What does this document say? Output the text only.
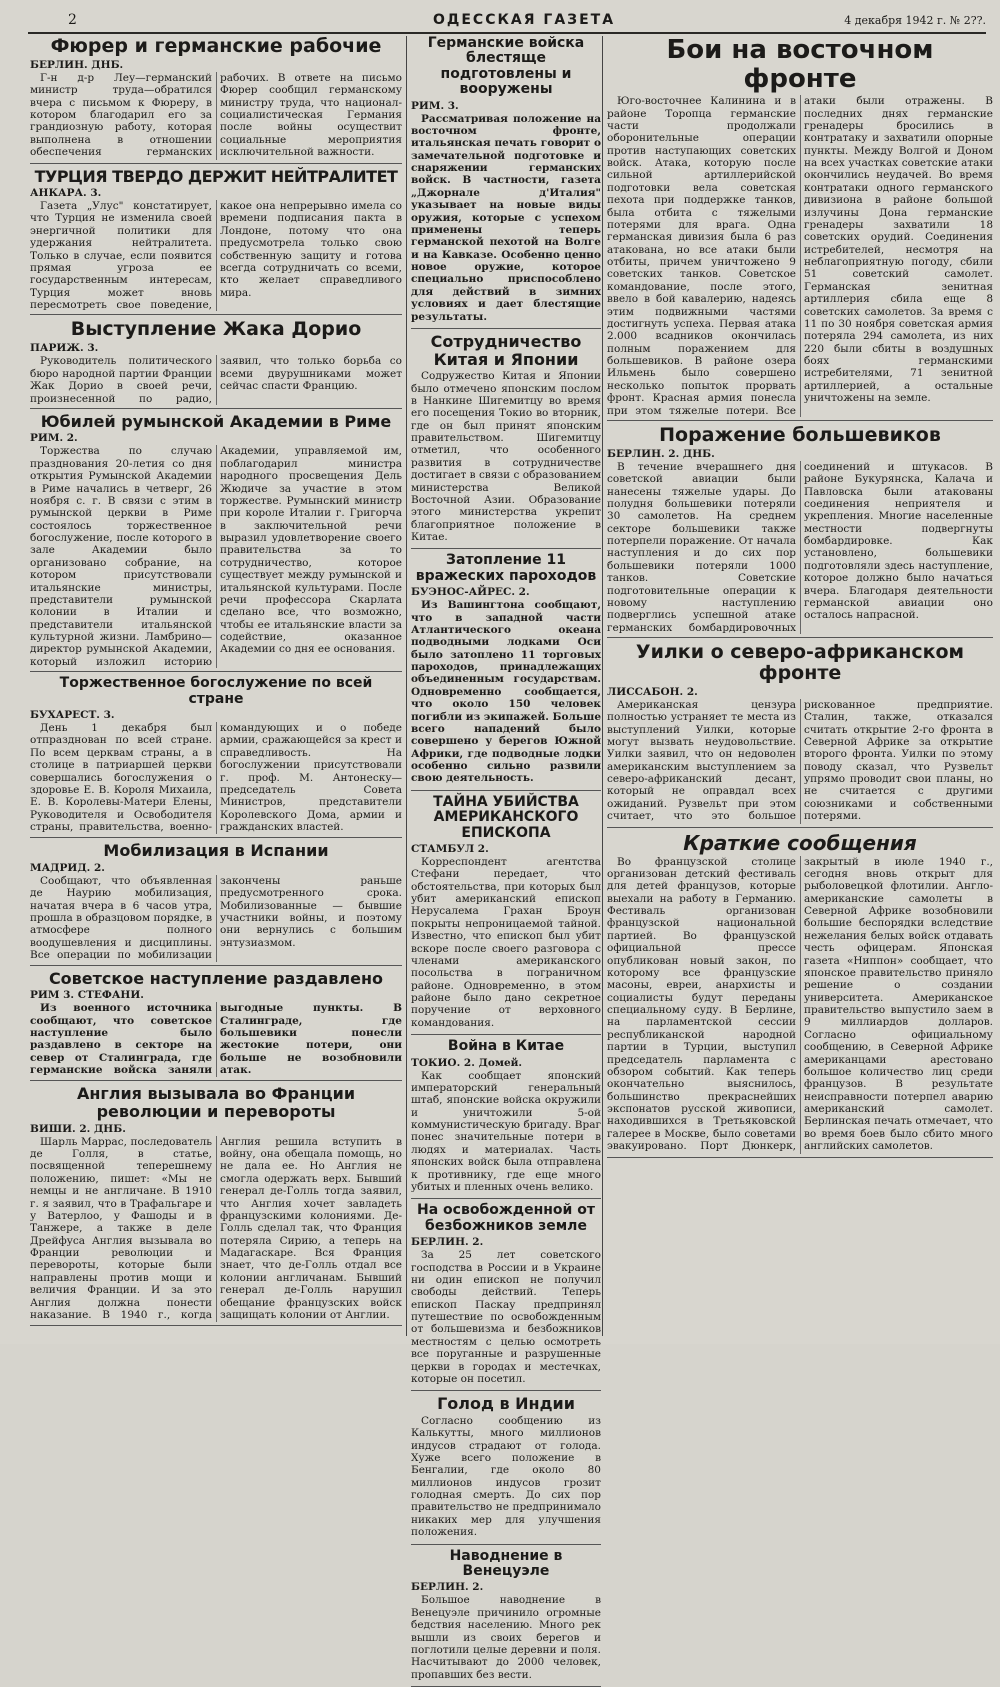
2	ОДЕССКАЯ ГАЗЕТА	4 декабря 1942 г. № 2??.
Фюрер и германские рабочие
БЕРЛИН. ДНБ.

Г-н д-р Леу—германский министр труда—обратился вчера с письмом к Фюреру, в котором благодарил его за грандиозную работу, которая выполнена в отношении обеспечения германских рабочих. В ответе на письмо Фюрер сообщил германскому министру труда, что национал-социалистическая Германия после войны осуществит социальные мероприятия исключительной важности.

ТУРЦИЯ ТВЕРДО ДЕРЖИТ НЕЙТРАЛИТЕТ
АНКАРА. 3.

Газета „Улус" констатирует, что Турция не изменила своей энергичной политики для удержания нейтралитета. Только в случае, если появится прямая угроза ее государственным интересам, Турция может вновь пересмотреть свое поведение, какое она непрерывно имела со времени подписания пакта в Лондоне, потому что она предусмотрела только свою собственную защиту и готова всегда сотрудничать со всеми, кто желает справедливого мира.

Выступление Жака Дорио
ПАРИЖ. 3.

Руководитель политического бюро народной партии Франции Жак Дорио в своей речи, произнесенной по радио, заявил, что только борьба со всеми двурушниками может сейчас спасти Францию.

Юбилей румынской Академии в Риме
РИМ. 2.

Торжества по случаю празднования 20-летия со дня открытия Румынской Академии в Риме начались в четверг, 26 ноября с. г. В связи с этим в румынской церкви в Риме состоялось торжественное богослужение, после которого в зале Академии было организовано собрание, на котором присутствовали итальянские министры, представители румынской колонии в Италии и представители итальянской культурной жизни. Ламбрино—директор румынской Академии, который изложил историю Академии, управляемой им, поблагодарил министра народного просвещения Дель Жюдиче за участие в этом торжестве. Румынский министр при короле Италии г. Григорча в заключительной речи выразил удовлетворение своего правительства за то сотрудничество, которое существует между румынской и итальянской культурами. После речи профессора Скарлата сделано все, что возможно, чтобы ее итальянские власти за содействие, оказанное Академии со дня ее основания.

Торжественное богослужение по всей стране
БУХАРЕСТ. 3.

День 1 декабря был отпразднован по всей стране. По всем церквам страны, а в столице в патриаршей церкви совершались богослужения о здоровье Е. В. Короля Михаила, Е. В. Королевы-Матери Елены, Руководителя и Освободителя страны, правительства, военно-командующих и о победе армии, сражающейся за крест и справедливость. На богослужении присутствовали г. проф. М. Антонеску—председатель Совета Министров, представители Королевского Дома, армии и гражданских властей.

Мобилизация в Испании
МАДРИД. 2.

Сообщают, что объявленная де Наурию мобилизация, начатая вчера в 6 часов утра, прошла в образцовом порядке, в атмосфере полного воодушевления и дисциплины. Все операции по мобилизации закончены раньше предусмотренного срока. Мобилизованные — бывшие участники войны, и поэтому они вернулись с большим энтузиазмом.

Советское наступление раздавлено
РИМ 3. СТЕФАНИ.

Из военного источника сообщают, что советское наступление было раздавлено в секторе на север от Сталинграда, где германские войска заняли выгодные пункты. В Сталинграде, где большевики понесли жестокие потери, они больше не возобновили атак.

Англия вызывала во Франции революции и перевороты
ВИШИ. 2. ДНБ.

Шарль Маррас, последователь де Голля, в статье, посвященной теперешнему положению, пишет: «Мы не немцы и не англичане. В 1910 г. я заявил, что в Трафальгаре и у Ватерлоо, у Фашоды и в Танжере, а также в деле Дрейфуса Англия вызывала во Франции революции и перевороты, которые были направлены против мощи и величия Франции. И за это Англия должна понести наказание. В 1940 г., когда Англия решила вступить в войну, она обещала помощь, но не дала ее. Но Англия не смогла одержать верх. Бывший генерал де-Голль тогда заявил, что Англия хочет завладеть французскими колониями. Де-Голль сделал так, что Франция потеряла Сирию, а теперь на Мадагаскаре. Вся Франция знает, что де-Голль отдал все колонии англичанам. Бывший генерал де-Голль нарушил обещание французских войск защищать колонии от Англии.

Германские войска блестяще подготовлены и вооружены
РИМ. 3.

Рассматривая положение на восточном фронте, итальянская печать говорит о замечательной подготовке и снаряжении германских войск. В частности, газета „Джорнале д'Италия" указывает на новые виды оружия, которые с успехом применены теперь германской пехотой на Волге и на Кавказе. Особенно ценно новое оружие, которое специально приспособлено для действий в зимних условиях и дает блестящие результаты.

Сотрудничество Китая и Японии

Содружество Китая и Японии было отмечено японским послом в Нанкине Шигемитцу во время его посещения Токио во вторник, где он был принят японским правительством. Шигемитцу отметил, что особенного развития в сотрудничестве достигает в связи с образованием министерства Великой Восточной Азии. Образование этого министерства укрепит благоприятное положение в Китае.

Затопление 11 вражеских пароходов
БУЭНОС-АЙРЕС. 2.

Из Вашингтона сообщают, что в западной части Атлантического океана подводными лодками Оси было затоплено 11 торговых пароходов, принадлежащих объединенным государствам. Одновременно сообщается, что около 150 человек погибли из экипажей. Больше всего нападений было совершено у берегов Южной Африки, где подводные лодки особенно сильно развили свою деятельность.

ТАЙНА УБИЙСТВА АМЕРИКАНСКОГО ЕПИСКОПА
СТАМБУЛ 2.

Корреспондент агентства Стефани передает, что обстоятельства, при которых был убит американский епископ Нерусалема Грахан Броун покрыты непроницаемой тайной. Известно, что епископ был убит вскоре после своего разговора с членами американского посольства в пограничном районе. Одновременно, в этом районе было дано секретное поручение от верховного командования.

Война в Китае
ТОКИО. 2. Домей.

Как сообщает японский императорский генеральный штаб, японские войска окружили и уничтожили 5-ой коммунистическую бригаду. Враг понес значительные потери в людях и материалах. Часть японских войск была отправлена к противнику, где еще много убитых и пленных очень велико.

На освобожденной от безбожников земле
БЕРЛИН. 2.

За 25 лет советского господства в России и в Украине ни один епископ не получил свободы действий. Теперь епископ Паскау предпринял путешествие по освобожденным от большевизма и безбожников местностям с целью осмотреть все поруганные и разрушенные церкви в городах и местечках, которые он посетил.

Голод в Индии

Согласно сообщению из Калькутты, много миллионов индусов страдают от голода. Хуже всего положение в Бенгалии, где около 80 миллионов индусов грозит голодная смерть. До сих пор правительство не предпринимало никаких мер для улучшения положения.

Наводнение в Венецуэле
БЕРЛИН. 2.

Большое наводнение в Венецуэле причинило огромные бедствия населению. Много рек вышли из своих берегов и поглотили целые деревни и поля. Насчитывают до 2000 человек, пропавших без вести.

Бои на восточном фронте

Юго-восточнее Калинина и в районе Торопца германские части продолжали оборонительные операции против наступающих советских войск. Атака, которую после сильной артиллерийской подготовки вела советская пехота при поддержке танков, была отбита с тяжелыми потерями для врага. Одна германская дивизия была 6 раз атакована, но все атаки были отбиты, причем уничтожено 9 советских танков. Советское командование, после этого, ввело в бой кавалерию, надеясь этим подвижными частями достигнуть успеха. Первая атака 2.000 всадников окончилась полным поражением для большевиков. В районе озера Ильмень было совершено несколько попыток прорвать фронт. Красная армия понесла при этом тяжелые потери. Все атаки были отражены. В последних днях германские гренадеры бросились в контратаку и захватили опорные пункты. Между Волгой и Доном на всех участках советские атаки окончились неудачей. Во время контратаки одного германского дивизиона в районе большой излучины Дона германские гренадеры захватили 18 советских орудий. Соединения истребителей, несмотря на неблагоприятную погоду, сбили 51 советский самолет. Германская зенитная артиллерия сбила еще 8 советских самолетов. За время с 11 по 30 ноября советская армия потеряла 294 самолета, из них 220 были сбиты в воздушных боях германскими истребителями, 71 зенитной артиллерией, а остальные уничтожены на земле.

Поражение большевиков
БЕРЛИН. 2. ДНБ.

В течение вчерашнего дня советской авиации были нанесены тяжелые удары. До полудня большевики потеряли 30 самолетов. На среднем секторе большевики также потерпели поражение. От начала наступления и до сих пор большевики потеряли 1000 танков. Советские подготовительные операции к новому наступлению подверглись успешной атаке германских бомбардировочных соединений и штукасов. В районе Букурянска, Калача и Павловска были атакованы соединения неприятеля и укрепления. Многие населенные местности подвергнуты бомбардировке. Как установлено, большевики подготовляли здесь наступление, которое должно было начаться вчера. Благодаря деятельности германской авиации оно осталось напрасной.

Уилки о северо-африканском фронте
ЛИССАБОН. 2.

Американская цензура полностью устраняет те места из выступлений Уилки, которые могут вызвать неудовольствие. Уилки заявил, что он недоволен американским выступлением за северо-африканский десант, который не оправдал всех ожиданий. Рузвельт при этом считает, что это большое рискованное предприятие. Сталин, также, отказался считать открытие 2-го фронта в Северной Африке за открытие второго фронта. Уилки по этому поводу сказал, что Рузвельт упрямо проводит свои планы, но не считается с другими союзниками и собственными потерями.

Краткие сообщения

Во французской столице организован детский фестиваль для детей французов, которые выехали на работу в Германию. Фестиваль организован французской национальной партией. Во французской официальной прессе опубликован новый закон, по которому все французские масоны, евреи, анархисты и социалисты будут переданы специальному суду. В Берлине, на парламентской сессии республиканской народной партии в Турции, выступил председатель парламента с обзором событий. Как теперь окончательно выяснилось, большинство прекраснейших экспонатов русской живописи, находившихся в Третьяковской галерее в Москве, было советами эвакуировано. Порт Дюнкерк, закрытый в июле 1940 г., сегодня вновь открыт для рыболовецкой флотилии. Англо-американские самолеты в Северной Африке возобновили большие беспорядки вследствие нежелания белых войск отдавать честь офицерам. Японская газета «Ниппон» сообщает, что японское правительство приняло решение о создании университета. Американское правительство выпустило заем в 9 миллиардов долларов. Согласно официальному сообщению, в Северной Африке американцами арестовано большое количество лиц среди французов. В результате неисправности потерпел аварию американский самолет. Берлинская печать отмечает, что во время боев было сбито много английских самолетов.
